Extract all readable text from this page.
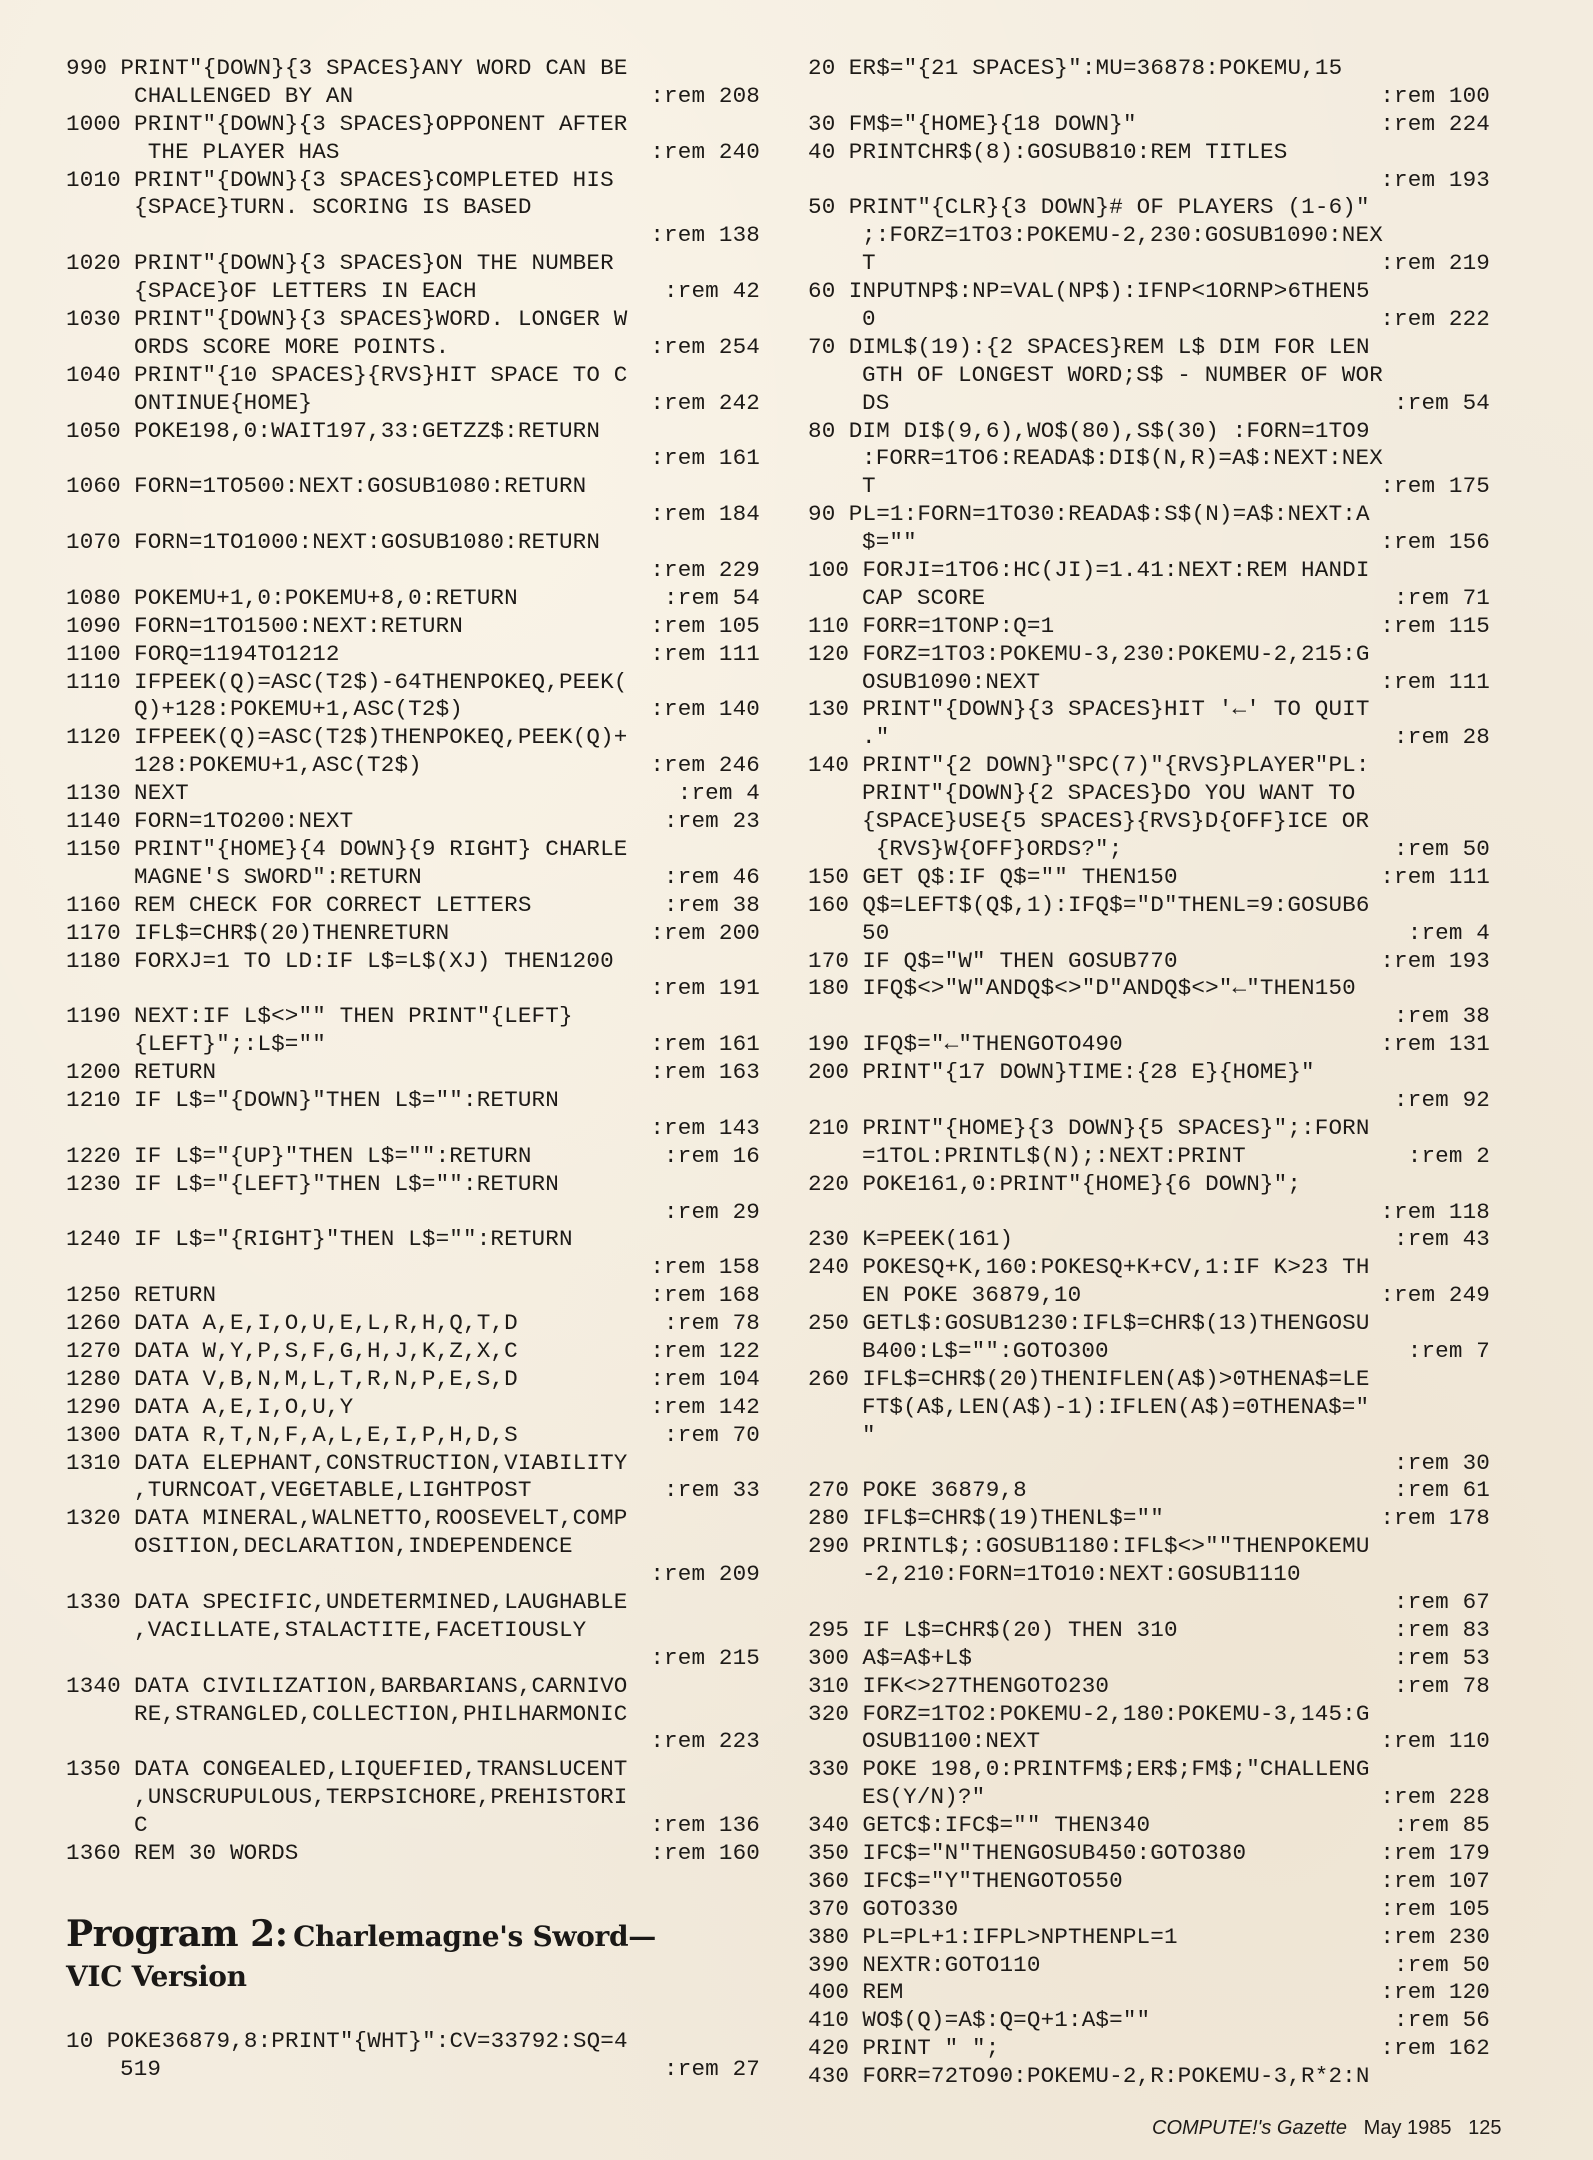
990 PRINT"{DOWN}{3 SPACES}ANY WORD CAN BE
CHALLENGED BY AN	:rem 208
1000 PRINT"{DOWN}{3 SPACES}OPPONENT AFTER
THE PLAYER HAS	:rem 240
1010 PRINT"{DOWN}{3 SPACES}COMPLETED HIS
{SPACE}TURN. SCORING IS BASED
:rem 138
1020 PRINT"{DOWN}{3 SPACES}ON THE NUMBER
{SPACE}OF LETTERS IN EACH	:rem 42
1030 PRINT"{DOWN}{3 SPACES}WORD. LONGER W
ORDS SCORE MORE POINTS.	:rem 254
1040 PRINT"{10 SPACES}{RVS}HIT SPACE TO C
ONTINUE{HOME}	:rem 242
1050 POKE198,0:WAIT197,33:GETZZ$:RETURN
:rem 161
1060 FORN=1TO500:NEXT:GOSUB1080:RETURN
:rem 184
1070 FORN=1TO1000:NEXT:GOSUB1080:RETURN
:rem 229
1080 POKEMU+1,0:POKEMU+8,0:RETURN	:rem 54
1090 FORN=1TO1500:NEXT:RETURN	:rem 105
1100 FORQ=1194TO1212	:rem 111
1110 IFPEEK(Q)=ASC(T2$)-64THENPOKEQ,PEEK(
Q)+128:POKEMU+1,ASC(T2$)	:rem 140
1120 IFPEEK(Q)=ASC(T2$)THENPOKEQ,PEEK(Q)+
128:POKEMU+1,ASC(T2$)	:rem 246
1130 NEXT	:rem 4
1140 FORN=1TO200:NEXT	:rem 23
1150 PRINT"{HOME}{4 DOWN}{9 RIGHT} CHARLE
MAGNE'S SWORD":RETURN	:rem 46
1160 REM CHECK FOR CORRECT LETTERS	:rem 38
1170 IFL$=CHR$(20)THENRETURN	:rem 200
1180 FORXJ=1 TO LD:IF L$=L$(XJ) THEN1200
:rem 191
1190 NEXT:IF L$<>"" THEN PRINT"{LEFT}
{LEFT}";:L$=""	:rem 161
1200 RETURN	:rem 163
1210 IF L$="{DOWN}"THEN L$="":RETURN
:rem 143
1220 IF L$="{UP}"THEN L$="":RETURN	:rem 16
1230 IF L$="{LEFT}"THEN L$="":RETURN
:rem 29
1240 IF L$="{RIGHT}"THEN L$="":RETURN
:rem 158
1250 RETURN	:rem 168
1260 DATA A,E,I,O,U,E,L,R,H,Q,T,D	:rem 78
1270 DATA W,Y,P,S,F,G,H,J,K,Z,X,C	:rem 122
1280 DATA V,B,N,M,L,T,R,N,P,E,S,D	:rem 104
1290 DATA A,E,I,O,U,Y	:rem 142
1300 DATA R,T,N,F,A,L,E,I,P,H,D,S	:rem 70
1310 DATA ELEPHANT,CONSTRUCTION,VIABILITY
,TURNCOAT,VEGETABLE,LIGHTPOST	:rem 33
1320 DATA MINERAL,WALNETTO,ROOSEVELT,COMP
OSITION,DECLARATION,INDEPENDENCE
:rem 209
1330 DATA SPECIFIC,UNDETERMINED,LAUGHABLE
,VACILLATE,STALACTITE,FACETIOUSLY
:rem 215
1340 DATA CIVILIZATION,BARBARIANS,CARNIVO
RE,STRANGLED,COLLECTION,PHILHARMONIC
:rem 223
1350 DATA CONGEALED,LIQUEFIED,TRANSLUCENT
,UNSCRUPULOUS,TERPSICHORE,PREHISTORI
C	:rem 136
1360 REM 30 WORDS	:rem 160
Program 2: Charlemagne's Sword—
VIC Version
10 POKE36879,8:PRINT"{WHT}":CV=33792:SQ=4
519	:rem 27
20 ER$="{21 SPACES}":MU=36878:POKEMU,15
:rem 100
30 FM$="{HOME}{18 DOWN}"	:rem 224
40 PRINTCHR$(8):GOSUB810:REM TITLES
:rem 193
50 PRINT"{CLR}{3 DOWN}# OF PLAYERS (1-6)"
;:FORZ=1TO3:POKEMU-2,230:GOSUB1090:NEX
T	:rem 219
60 INPUTNP$:NP=VAL(NP$):IFNP<1ORNP>6THEN5
0	:rem 222
70 DIML$(19):{2 SPACES}REM L$ DIM FOR LEN
GTH OF LONGEST WORD;S$ - NUMBER OF WOR
DS	:rem 54
80 DIM DI$(9,6),WO$(80),S$(30) :FORN=1TO9
:FORR=1TO6:READA$:DI$(N,R)=A$:NEXT:NEX
T	:rem 175
90 PL=1:FORN=1TO30:READA$:S$(N)=A$:NEXT:A
$=""	:rem 156
100 FORJI=1TO6:HC(JI)=1.41:NEXT:REM HANDI
CAP SCORE	:rem 71
110 FORR=1TONP:Q=1	:rem 115
120 FORZ=1TO3:POKEMU-3,230:POKEMU-2,215:G
OSUB1090:NEXT	:rem 111
130 PRINT"{DOWN}{3 SPACES}HIT '←' TO QUIT
."	:rem 28
140 PRINT"{2 DOWN}"SPC(7)"{RVS}PLAYER"PL:
PRINT"{DOWN}{2 SPACES}DO YOU WANT TO
{SPACE}USE{5 SPACES}{RVS}D{OFF}ICE OR
{RVS}W{OFF}ORDS?";	:rem 50
150 GET Q$:IF Q$="" THEN150	:rem 111
160 Q$=LEFT$(Q$,1):IFQ$="D"THENL=9:GOSUB6
50	:rem 4
170 IF Q$="W" THEN GOSUB770	:rem 193
180 IFQ$<>"W"ANDQ$<>"D"ANDQ$<>"←"THEN150
:rem 38
190 IFQ$="←"THENGOTO490	:rem 131
200 PRINT"{17 DOWN}TIME:{28 E}{HOME}"
:rem 92
210 PRINT"{HOME}{3 DOWN}{5 SPACES}";:FORN
=1TOL:PRINTL$(N);:NEXT:PRINT	:rem 2
220 POKE161,0:PRINT"{HOME}{6 DOWN}";
:rem 118
230 K=PEEK(161)	:rem 43
240 POKESQ+K,160:POKESQ+K+CV,1:IF K>23 TH
EN POKE 36879,10	:rem 249
250 GETL$:GOSUB1230:IFL$=CHR$(13)THENGOSU
B400:L$="":GOTO300	:rem 7
260 IFL$=CHR$(20)THENIFLEN(A$)>0THENA$=LE
FT$(A$,LEN(A$)-1):IFLEN(A$)=0THENA$="
"
:rem 30
270 POKE 36879,8	:rem 61
280 IFL$=CHR$(19)THENL$=""	:rem 178
290 PRINTL$;:GOSUB1180:IFL$<>""THENPOKEMU
-2,210:FORN=1TO10:NEXT:GOSUB1110
:rem 67
295 IF L$=CHR$(20) THEN 310	:rem 83
300 A$=A$+L$	:rem 53
310 IFK<>27THENGOTO230	:rem 78
320 FORZ=1TO2:POKEMU-2,180:POKEMU-3,145:G
OSUB1100:NEXT	:rem 110
330 POKE 198,0:PRINTFM$;ER$;FM$;"CHALLENG
ES(Y/N)?"	:rem 228
340 GETC$:IFC$="" THEN340	:rem 85
350 IFC$="N"THENGOSUB450:GOTO380	:rem 179
360 IFC$="Y"THENGOTO550	:rem 107
370 GOTO330	:rem 105
380 PL=PL+1:IFPL>NPTHENPL=1	:rem 230
390 NEXTR:GOTO110	:rem 50
400 REM	:rem 120
410 WO$(Q)=A$:Q=Q+1:A$=""	:rem 56
420 PRINT " ";	:rem 162
430 FORR=72TO90:POKEMU-2,R:POKEMU-3,R*2:N
COMPUTE!'s Gazette May 1985 125
